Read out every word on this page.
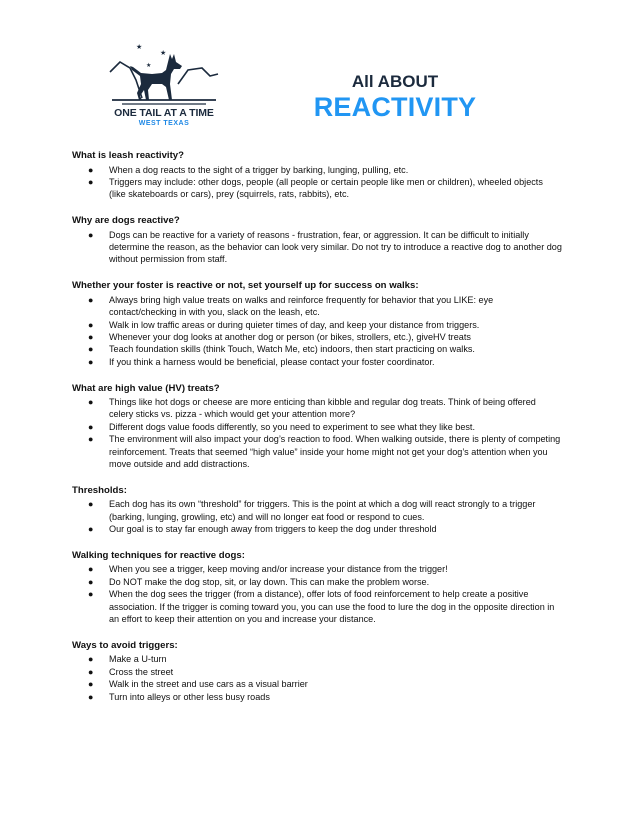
★
★
★
ONE TAIL AT A TIME
WEST TEXAS
All ABOUT
REACTIVITY
What is leash reactivity?
● When a dog reacts to the sight of a trigger by barking, lunging, pulling, etc.
● Triggers may include: other dogs, people (all people or certain people like men or children), wheeled objects (like skateboards or cars), prey (squirrels, rats, rabbits), etc.
Why are dogs reactive?
● Dogs can be reactive for a variety of reasons - frustration, fear, or aggression. It can be difficult to initially determine the reason, as the behavior can look very similar. Do not try to introduce a reactive dog to another dog without permission from staff.
Whether your foster is reactive or not, set yourself up for success on walks:
● Always bring high value treats on walks and reinforce frequently for behavior that you LIKE: eye contact/checking in with you, slack on the leash, etc.
● Walk in low traffic areas or during quieter times of day, and keep your distance from triggers.
● Whenever your dog looks at another dog or person (or bikes, strollers, etc.), giveHV treats
● Teach foundation skills (think Touch, Watch Me, etc) indoors, then start practicing on walks.
● If you think a harness would be beneficial, please contact your foster coordinator.
What are high value (HV) treats?
● Things like hot dogs or cheese are more enticing than kibble and regular dog treats. Think of being offered celery sticks vs. pizza - which would get your attention more?
● Different dogs value foods differently, so you need to experiment to see what they like best.
● The environment will also impact your dog’s reaction to food. When walking outside, there is plenty of competing reinforcement. Treats that seemed “high value” inside your home might not get your dog’s attention when you move outside and add distractions.
Thresholds:
● Each dog has its own “threshold” for triggers. This is the point at which a dog will react strongly to a trigger (barking, lunging, growling, etc) and will no longer eat food or respond to cues.
● Our goal is to stay far enough away from triggers to keep the dog under threshold
Walking techniques for reactive dogs:
● When you see a trigger, keep moving and/or increase your distance from the trigger!
● Do NOT make the dog stop, sit, or lay down. This can make the problem worse.
● When the dog sees the trigger (from a distance), offer lots of food reinforcement to help create a positive association. If the trigger is coming toward you, you can use the food to lure the dog in the opposite direction in an effort to keep their attention on you and increase your distance.
Ways to avoid triggers:
● Make a U-turn
● Cross the street
● Walk in the street and use cars as a visual barrier
● Turn into alleys or other less busy roads
